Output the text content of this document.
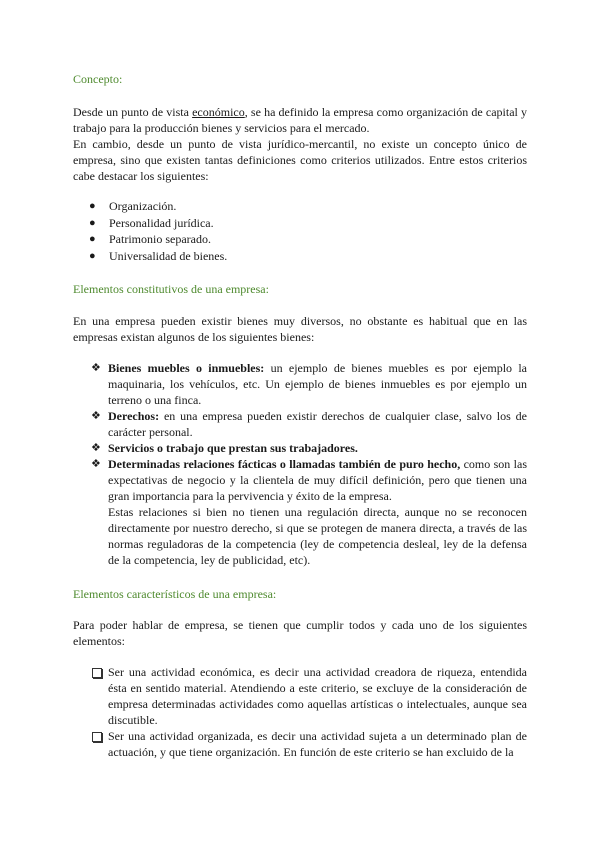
Concepto:
Desde un punto de vista económico, se ha definido la empresa como organización de capital y trabajo para la producción bienes y servicios para el mercado.
En cambio, desde un punto de vista jurídico-mercantil, no existe un concepto único de empresa, sino que existen tantas definiciones como criterios utilizados. Entre estos criterios cabe destacar los siguientes:
● Organización.
● Personalidad jurídica.
● Patrimonio separado.
● Universalidad de bienes.
Elementos constitutivos de una empresa:
En una empresa pueden existir bienes muy diversos, no obstante es habitual que en las empresas existan algunos de los siguientes bienes:
❖ Bienes muebles o inmuebles: un ejemplo de bienes muebles es por ejemplo la maquinaria, los vehículos, etc. Un ejemplo de bienes inmuebles es por ejemplo un terreno o una finca.
❖ Derechos: en una empresa pueden existir derechos de cualquier clase, salvo los de carácter personal.
❖ Servicios o trabajo que prestan sus trabajadores.
❖ Determinadas relaciones fácticas o llamadas también de puro hecho, como son las expectativas de negocio y la clientela de muy difícil definición, pero que tienen una gran importancia para la pervivencia y éxito de la empresa.
Estas relaciones si bien no tienen una regulación directa, aunque no se reconocen directamente por nuestro derecho, si que se protegen de manera directa, a través de las normas reguladoras de la competencia (ley de competencia desleal, ley de la defensa de la competencia, ley de publicidad, etc).
Elementos característicos de una empresa:
Para poder hablar de empresa, se tienen que cumplir todos y cada uno de los siguientes elementos:
Ser una actividad económica, es decir una actividad creadora de riqueza, entendida ésta en sentido material. Atendiendo a este criterio, se excluye de la consideración de empresa determinadas actividades como aquellas artísticas o intelectuales, aunque sea discutible.
Ser una actividad organizada, es decir una actividad sujeta a un determinado plan de actuación, y que tiene organización. En función de este criterio se han excluido de la
